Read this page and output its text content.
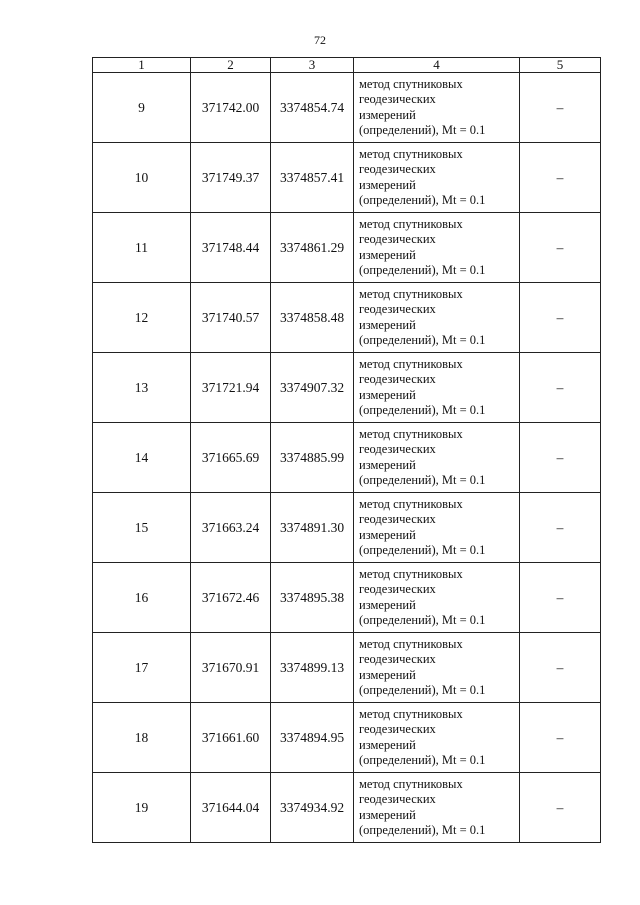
72
1	2	3	4	5
9	371742.00	3374854.74	метод спутниковых
геодезических
измерений
(определений), Mt = 0.1	–
10	371749.37	3374857.41	метод спутниковых
геодезических
измерений
(определений), Mt = 0.1	–
11	371748.44	3374861.29	метод спутниковых
геодезических
измерений
(определений), Mt = 0.1	–
12	371740.57	3374858.48	метод спутниковых
геодезических
измерений
(определений), Mt = 0.1	–
13	371721.94	3374907.32	метод спутниковых
геодезических
измерений
(определений), Mt = 0.1	–
14	371665.69	3374885.99	метод спутниковых
геодезических
измерений
(определений), Mt = 0.1	–
15	371663.24	3374891.30	метод спутниковых
геодезических
измерений
(определений), Mt = 0.1	–
16	371672.46	3374895.38	метод спутниковых
геодезических
измерений
(определений), Mt = 0.1	–
17	371670.91	3374899.13	метод спутниковых
геодезических
измерений
(определений), Mt = 0.1	–
18	371661.60	3374894.95	метод спутниковых
геодезических
измерений
(определений), Mt = 0.1	–
19	371644.04	3374934.92	метод спутниковых
геодезических
измерений
(определений), Mt = 0.1	–
